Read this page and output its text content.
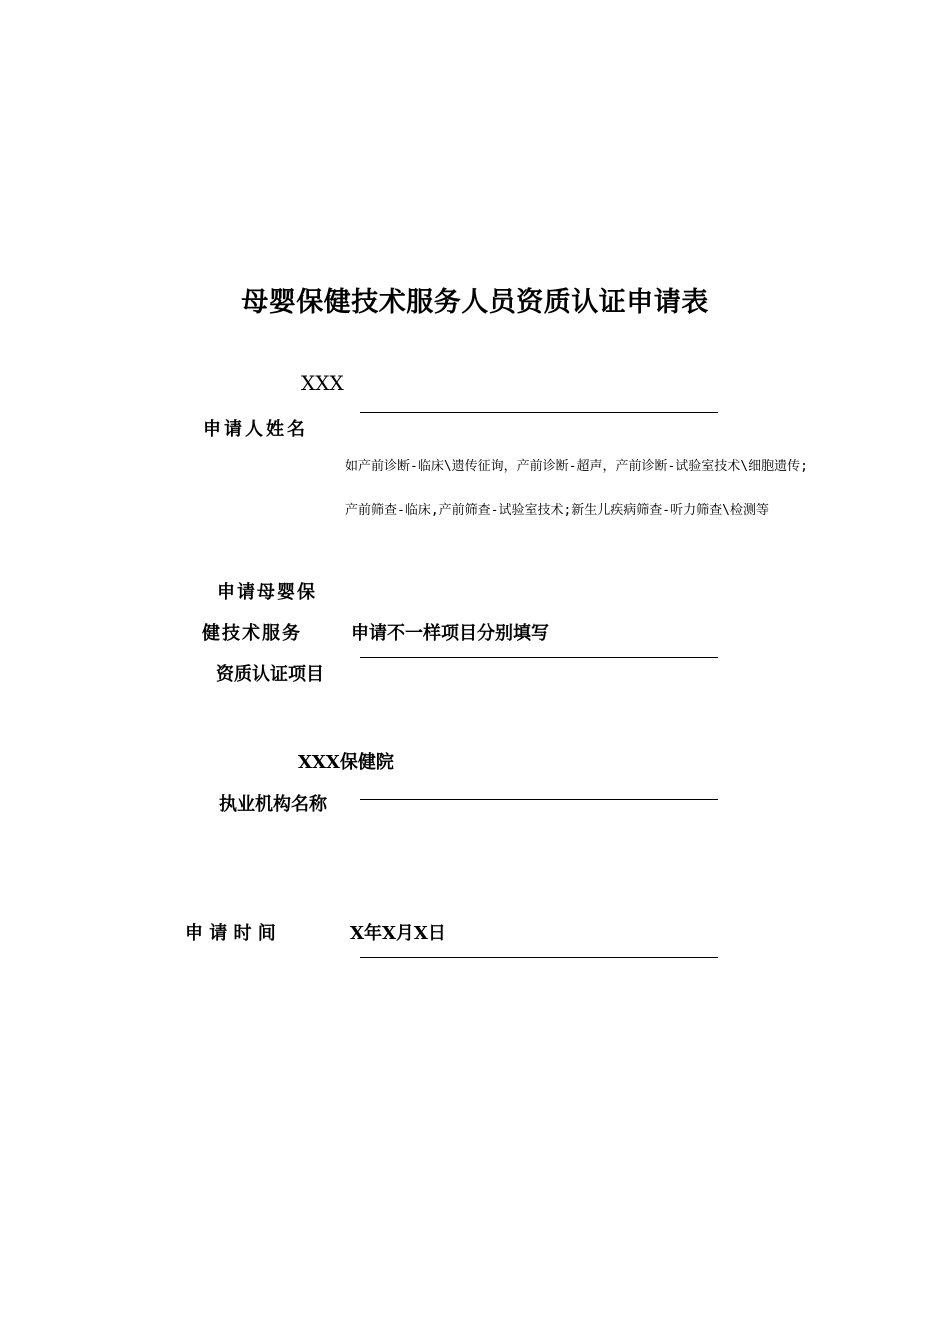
母婴保健技术服务人员资质认证申请表
XXX
申请人姓名
如产前诊断-临床\遗传征询，产前诊断-超声，产前诊断-试验室技术\细胞遗传;产前筛查-临床,产前筛查-试验室技术;新生儿疾病筛查-听力筛查\检测等
申请母婴保
健技术服务
资质认证项目
申请不一样项目分别填写
XXX保健院
执业机构名称
申 请 时 间	X年X月X日
